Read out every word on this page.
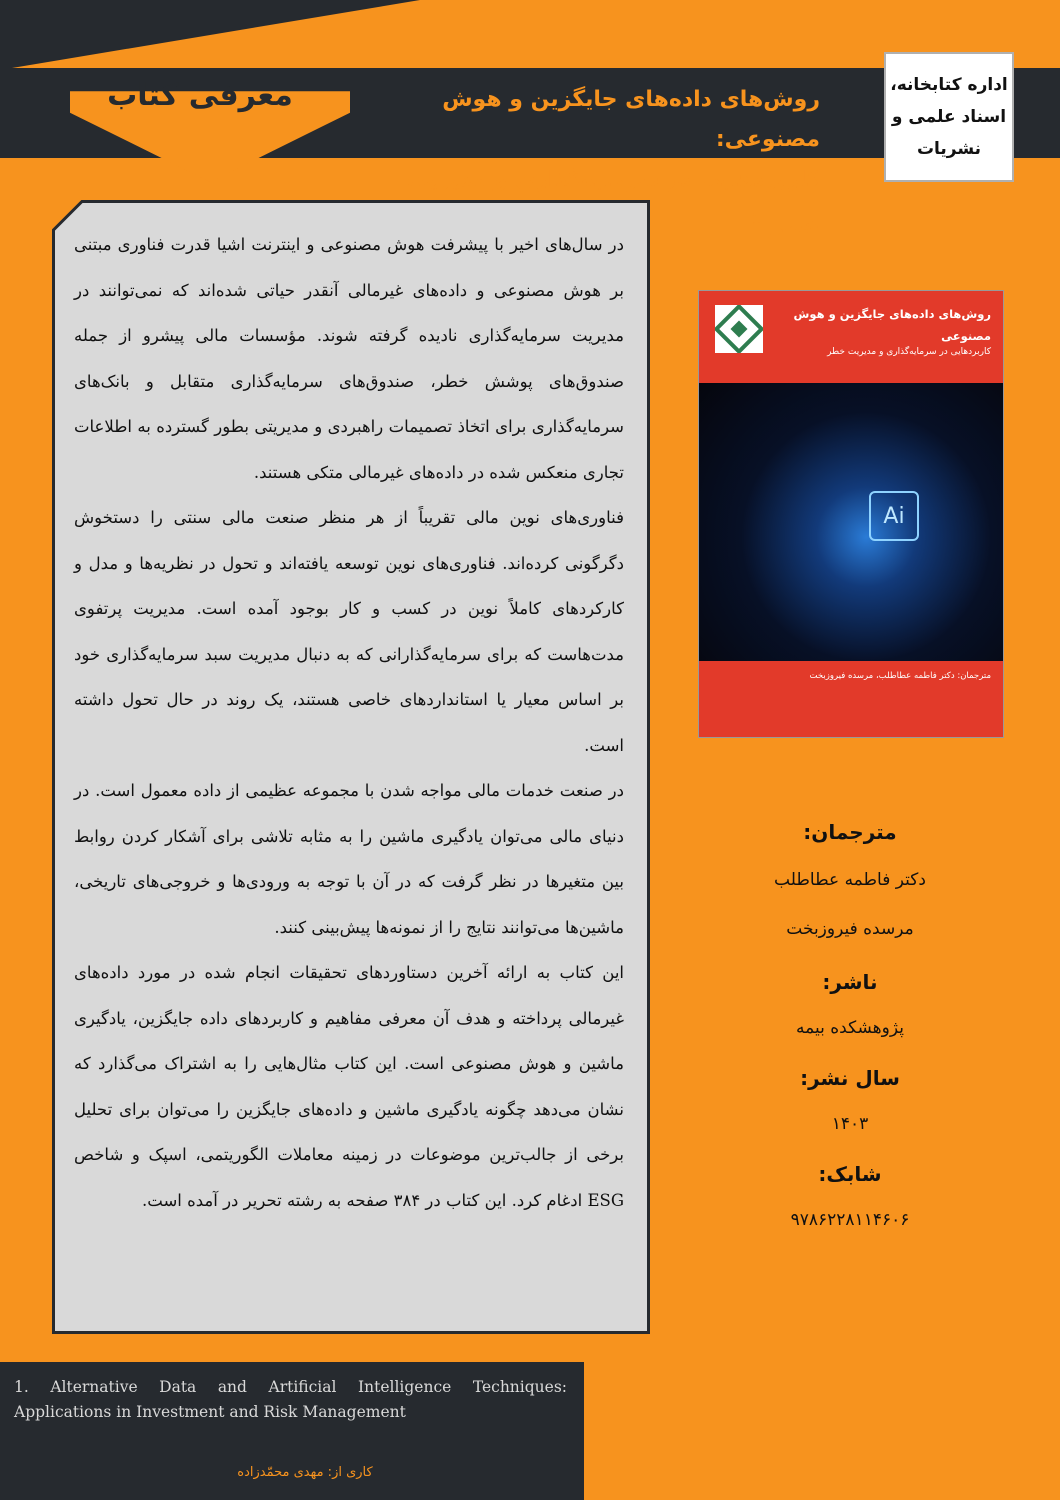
معرفی کتاب	روش‌های داده‌های جایگزین و هوش مصنوعی:
کاربردهایی در سرمایه‌گذاری و مدیریت خطر $^1$
اداره کتابخانه، اسناد علمی و نشریات

در سال‌های اخیر با پیشرفت هوش مصنوعی و اینترنت اشیا قدرت فناوری مبتنی بر هوش مصنوعی و داده‌های غیرمالی آنقدر حیاتی شده‌اند که نمی‌توانند در مدیریت سرمایه‌گذاری نادیده گرفته شوند. مؤسسات مالی پیشرو از جمله صندوق‌های پوشش خطر، صندوق‌های سرمایه‌گذاری متقابل و بانک‌های سرمایه‌گذاری برای اتخاذ تصمیمات راهبردی و مدیریتی بطور گسترده به اطلاعات تجاری منعکس شده در داده‌های غیرمالی متکی هستند.

فناوری‌های نوین مالی تقریباً از هر منظر صنعت مالی سنتی را دستخوش دگرگونی کرده‌اند. فناوری‌های نوین توسعه یافته‌اند و تحول در نظریه‌ها و مدل و کارکردهای کاملاً نوین در کسب و کار بوجود آمده است. مدیریت پرتفوی مدت‌هاست که برای سرمایه‌گذارانی که به دنبال مدیریت سبد سرمایه‌گذاری خود بر اساس معیار یا استانداردهای خاصی هستند، یک روند در حال تحول داشته است.

در صنعت خدمات مالی مواجه شدن با مجموعه عظیمی از داده معمول است. در دنیای مالی می‌توان یادگیری ماشین را به مثابه تلاشی برای آشکار کردن روابط بین متغیرها در نظر گرفت که در آن با توجه به ورودی‌ها و خروجی‌های تاریخی، ماشین‌ها می‌توانند نتایج را از نمونه‌ها پیش‌بینی کنند.

این کتاب به ارائه آخرین دستاوردهای تحقیقات انجام شده در مورد داده‌های غیرمالی پرداخته و هدف آن معرفی مفاهیم و کاربردهای داده جایگزین، یادگیری ماشین و هوش مصنوعی است. این کتاب مثال‌هایی را به اشتراک می‌گذارد که نشان می‌دهد چگونه یادگیری ماشین و داده‌های جایگزین را می‌توان برای تحلیل برخی از جالب‌ترین موضوعات در زمینه معاملات الگوریتمی، اسپک و شاخص ESG ادغام کرد. این کتاب در ۳۸۴ صفحه به رشته تحریر در آمده است.

روش‌های داده‌های جایگزین و هوش مصنوعی
کاربردهایی در سرمایه‌گذاری و مدیریت خطر
Ai
مترجمان: دکتر فاطمه عطاطلب، مرسده فیروزبخت

مترجمان:

دکتر فاطمه عطاطلب

مرسده فیروزبخت

ناشر:

پژوهشکده بیمه

سال نشر:

۱۴۰۳

شابک:

۹۷۸۶۲۲۸۱۱۴۶۰۶

1. Alternative Data and Artificial Intelligence Techniques: Applications in Investment and Risk Management
کاری از: مهدی محمّدزاده
